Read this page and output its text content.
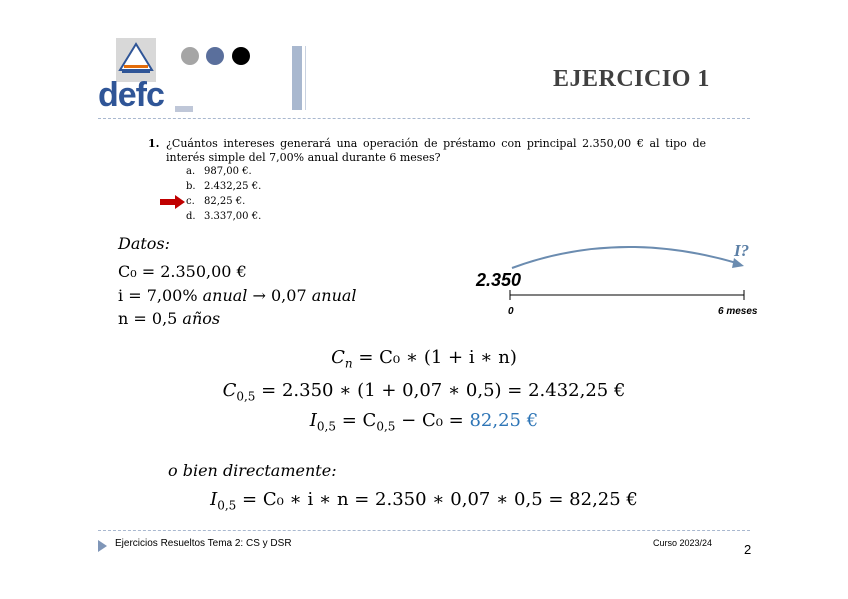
defc	EJERCICIO 1
1. ¿Cuántos intereses generará una operación de préstamo con principal 2.350,00 € al tipo de interés simple del 7,00% anual durante 6 meses?
a. 987,00 €.
b. 2.432,25 €.
c. 82,25 €.
d. 3.337,00 €.
Datos:
C₀ = 2.350,00 €
i = 7,00% anual → 0,07 anual
n = 0,5 años
2.350
I?
0	6 meses
$C_n = C_0$ ∗ (1 + i ∗ n)
$C_{0,5} = 2.350$ ∗ (1 + 0,07 ∗ 0,5) = 2.432,25 €
$I_{0,5} = C_{0,5} - C_0 = 82,25$ €
o bien directamente:
$I_{0,5} = C_0$ ∗ i ∗ n = 2.350 ∗ 0,07 ∗ 0,5 = 82,25 €
Ejercicios Resueltos Tema 2: CS y DSR	Curso 2023/24 2
